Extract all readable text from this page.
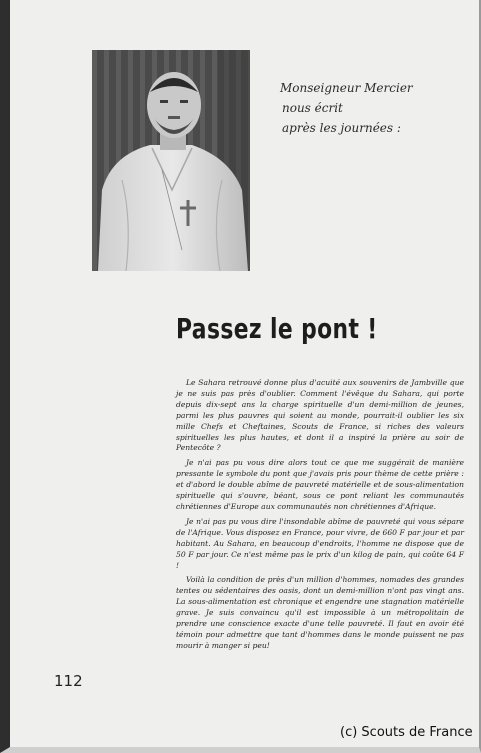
Monseigneur Mercier
nous écrit
après les journées :
Passez le pont !

Le Sahara retrouvé donne plus d'acuité aux souvenirs de Jambville que je ne suis pas près d'oublier. Comment l'évêque du Sahara, qui porte depuis dix-sept ans la charge spirituelle d'un demi-million de jeunes, parmi les plus pauvres qui soient au monde, pourrait-il oublier les six mille Chefs et Cheftaines, Scouts de France, si riches des valeurs spirituelles les plus hautes, et dont il a inspiré la prière au soir de Pentecôte ?

Je n'ai pas pu vous dire alors tout ce que me suggérait de manière pressante le symbole du pont que j'avais pris pour thème de cette prière : et d'abord le double abîme de pauvreté matérielle et de sous-alimentation spirituelle qui s'ouvre, béant, sous ce pont reliant les communautés chrétiennes d'Europe aux communautés non chrétiennes d'Afrique.

Je n'ai pas pu vous dire l'insondable abîme de pauvreté qui vous sépare de l'Afrique. Vous disposez en France, pour vivre, de 660 F par jour et par habitant. Au Sahara, en beaucoup d'endroits, l'homme ne dispose que de 50 F par jour. Ce n'est même pas le prix d'un kilog de pain, qui coûte 64 F !

Voilà la condition de près d'un million d'hommes, nomades des grandes tentes ou sédentaires des oasis, dont un demi-million n'ont pas vingt ans. La sous-alimentation est chronique et engendre une stagnation matérielle grave. Je suis convaincu qu'il est impossible à un métropolitain de prendre une conscience exacte d'une telle pauvreté. Il faut en avoir été témoin pour admettre que tant d'hommes dans le monde puissent ne pas mourir à manger si peu!

112
(c) Scouts de France
